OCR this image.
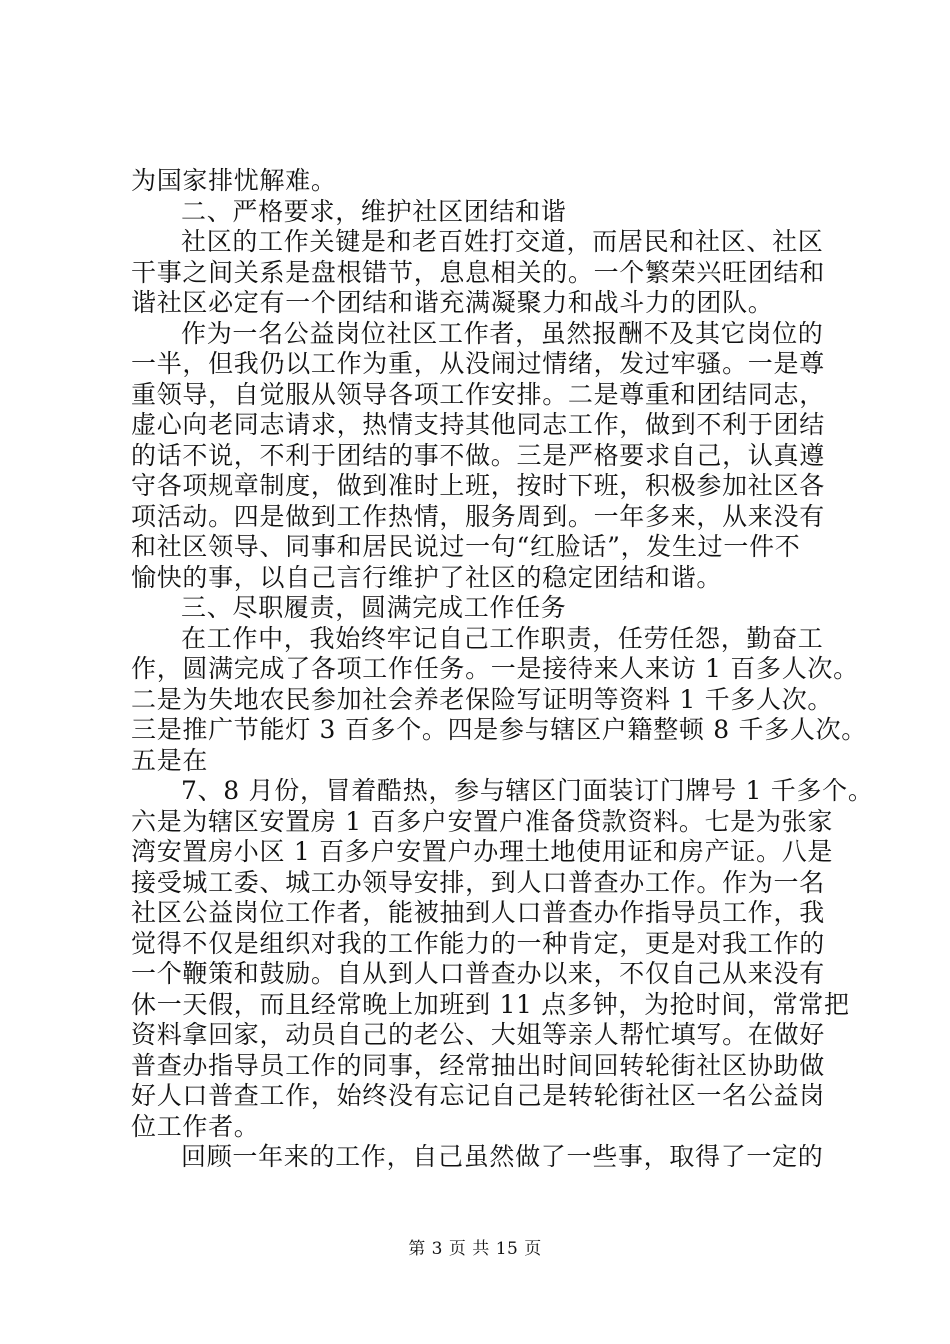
为国家排忧解难。
二、严格要求，维护社区团结和谐
社区的工作关键是和老百姓打交道，而居民和社区、社区
干事之间关系是盘根错节，息息相关的。一个繁荣兴旺团结和
谐社区必定有一个团结和谐充满凝聚力和战斗力的团队。
作为一名公益岗位社区工作者，虽然报酬不及其它岗位的
一半，但我仍以工作为重，从没闹过情绪，发过牢骚。一是尊
重领导，自觉服从领导各项工作安排。二是尊重和团结同志，
虚心向老同志请求，热情支持其他同志工作，做到不利于团结
的话不说，不利于团结的事不做。三是严格要求自己，认真遵
守各项规章制度，做到准时上班，按时下班，积极参加社区各
项活动。四是做到工作热情，服务周到。一年多来，从来没有
和社区领导、同事和居民说过一句“红脸话”，发生过一件不
愉快的事，以自己言行维护了社区的稳定团结和谐。
三、尽职履责，圆满完成工作任务
在工作中，我始终牢记自己工作职责，任劳任怨，勤奋工
作，圆满完成了各项工作任务。一是接待来人来访 1 百多人次。
二是为失地农民参加社会养老保险写证明等资料 1 千多人次。
三是推广节能灯 3 百多个。四是参与辖区户籍整顿 8 千多人次。
五是在
7、8 月份，冒着酷热，参与辖区门面装订门牌号 1 千多个。
六是为辖区安置房 1 百多户安置户准备贷款资料。七是为张家
湾安置房小区 1 百多户安置户办理土地使用证和房产证。八是
接受城工委、城工办领导安排，到人口普查办工作。作为一名
社区公益岗位工作者，能被抽到人口普查办作指导员工作，我
觉得不仅是组织对我的工作能力的一种肯定，更是对我工作的
一个鞭策和鼓励。自从到人口普查办以来，不仅自己从来没有
休一天假，而且经常晚上加班到 11 点多钟，为抢时间，常常把
资料拿回家，动员自己的老公、大姐等亲人帮忙填写。在做好
普查办指导员工作的同事，经常抽出时间回转轮街社区协助做
好人口普查工作，始终没有忘记自己是转轮街社区一名公益岗
位工作者。
回顾一年来的工作，自己虽然做了一些事，取得了一定的
第 3 页 共 15 页
